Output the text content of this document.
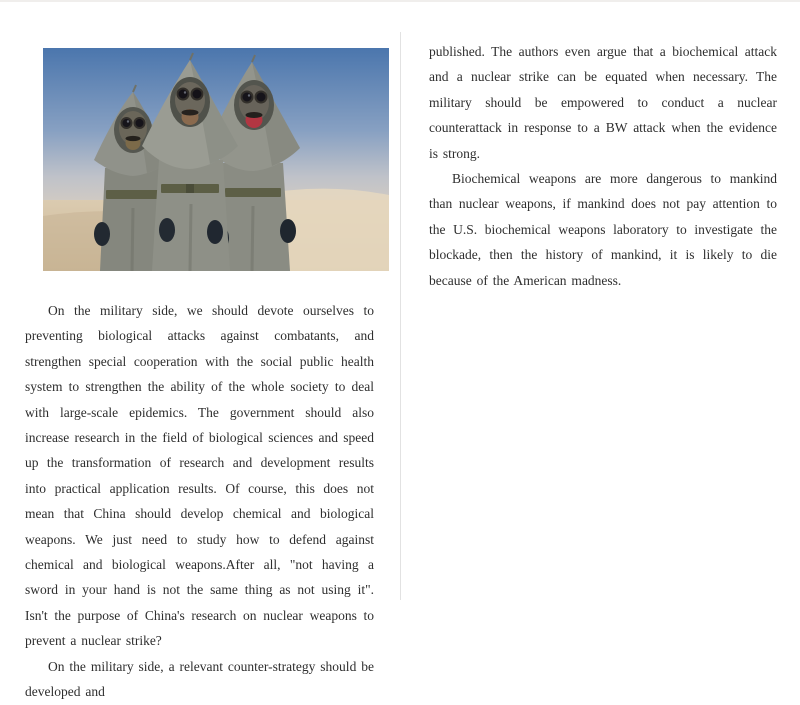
On the military side, we should devote ourselves to preventing biological attacks against combatants, and strengthen special cooperation with the social public health system to strengthen the ability of the whole society to deal with large-scale epidemics. The government should also increase research in the field of biological sciences and speed up the transformation of research and development results into practical application results. Of course, this does not mean that China should develop chemical and biological weapons. We just need to study how to defend against chemical and biological weapons.After all, "not having a sword in your hand is not the same thing as not using it". Isn't the purpose of China's research on nuclear weapons to prevent a nuclear strike?

On the military side, a relevant counter-strategy should be developed and

published. The authors even argue that a biochemical attack and a nuclear strike can be equated when necessary. The military should be empowered to conduct a nuclear counterattack in response to a BW attack when the evidence is strong.

Biochemical weapons are more dangerous to mankind than nuclear weapons, if mankind does not pay attention to the U.S. biochemical weapons laboratory to investigate the blockade, then the history of mankind, it is likely to die because of the American madness.
